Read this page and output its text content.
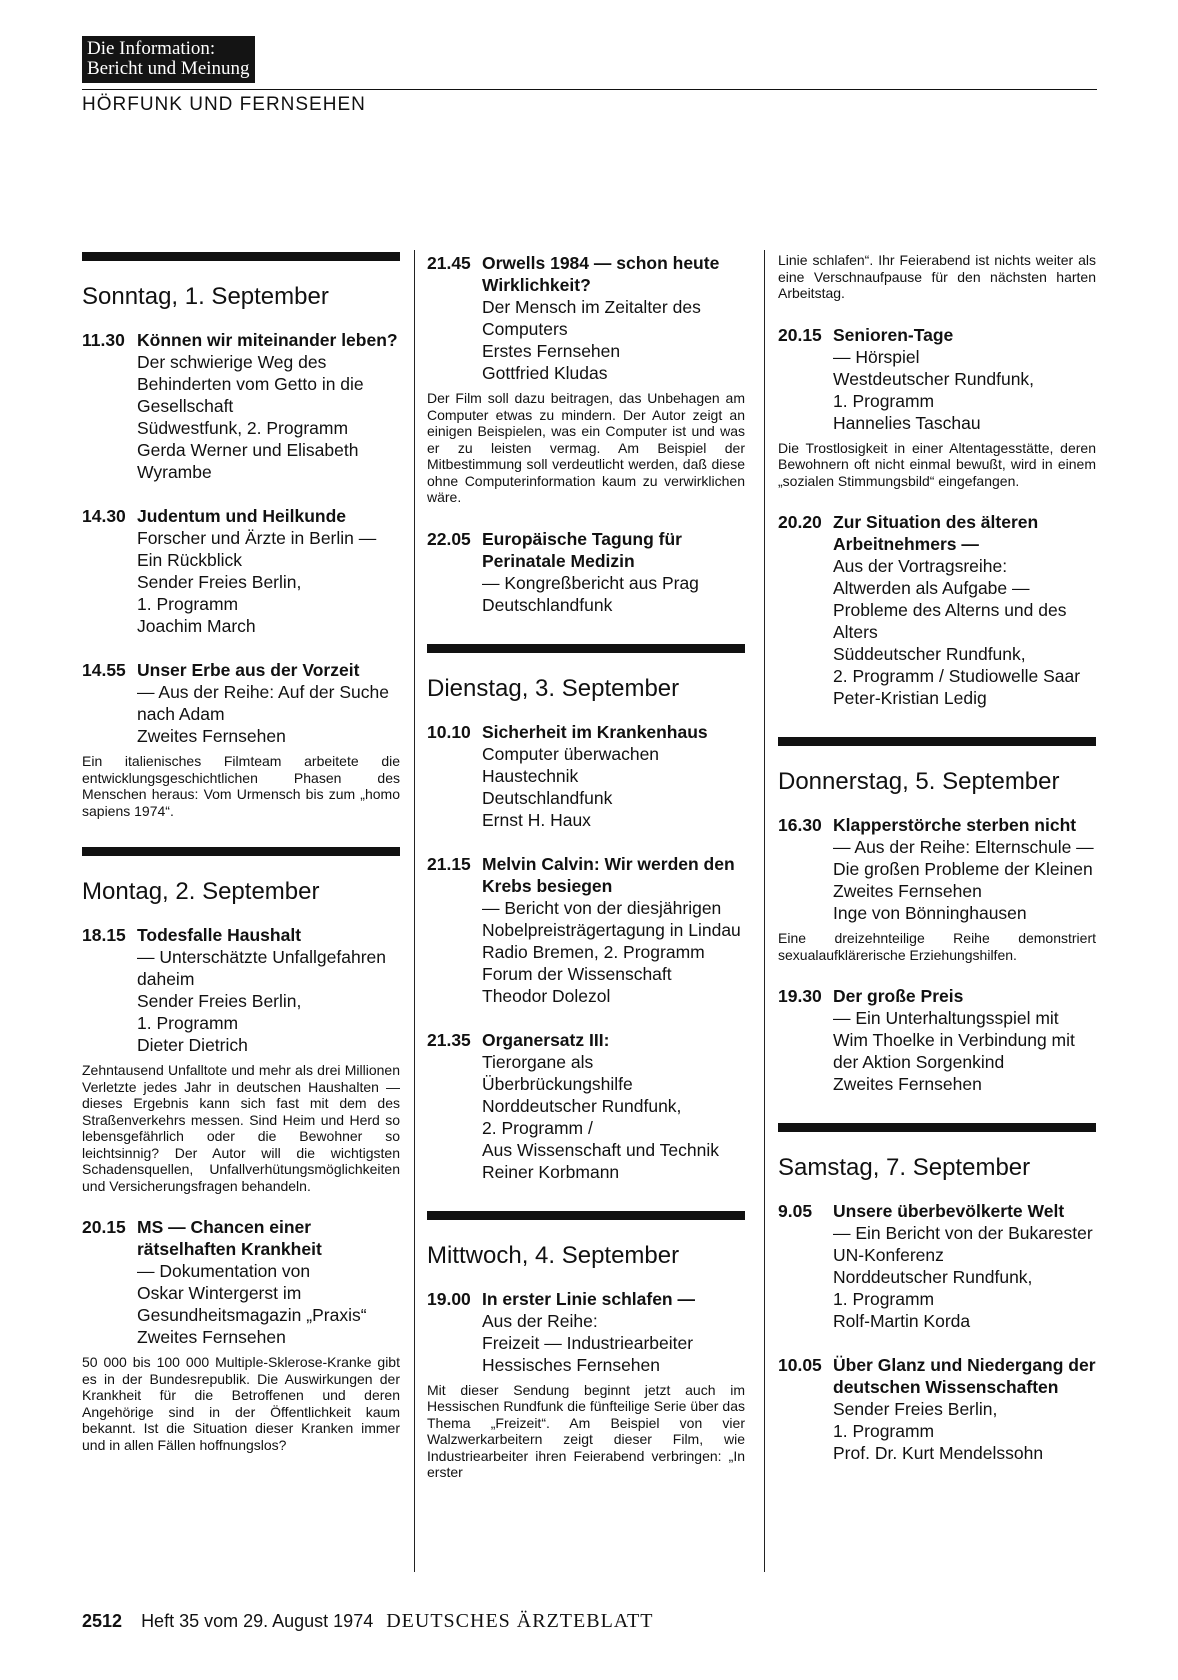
Die Information:
Bericht und Meinung
HÖRFUNK UND FERNSEHEN
Sonntag, 1. September
11.30 Können wir miteinander leben?
Der schwierige Weg des Behinderten vom Getto in die Gesellschaft
Südwestfunk, 2. Programm
Gerda Werner und Elisabeth Wyrambe
14.30 Judentum und Heilkunde
Forscher und Ärzte in Berlin — Ein Rückblick
Sender Freies Berlin,
1. Programm
Joachim March
14.55 Unser Erbe aus der Vorzeit
— Aus der Reihe: Auf der Suche nach Adam
Zweites Fernsehen
Ein italienisches Filmteam arbeitete die entwicklungsgeschichtlichen Phasen des Menschen heraus: Vom Urmensch bis zum „homo sapiens 1974“.
Montag, 2. September
18.15 Todesfalle Haushalt
— Unterschätzte Unfallgefahren daheim
Sender Freies Berlin,
1. Programm
Dieter Dietrich
Zehntausend Unfalltote und mehr als drei Millionen Verletzte jedes Jahr in deutschen Haushalten — dieses Ergebnis kann sich fast mit dem des Straßenverkehrs messen. Sind Heim und Herd so lebensgefährlich oder die Bewohner so leichtsinnig? Der Autor will die wichtigsten Schadensquellen, Unfallverhütungsmöglichkeiten und Versicherungsfragen behandeln.
20.15 MS — Chancen einer rätselhaften Krankheit
— Dokumentation von
Oskar Wintergerst im Gesundheitsmagazin „Praxis“
Zweites Fernsehen
50 000 bis 100 000 Multiple-Sklerose-Kranke gibt es in der Bundesrepublik. Die Auswirkungen der Krankheit für die Betroffenen und deren Angehörige sind in der Öffentlichkeit kaum bekannt. Ist die Situation dieser Kranken immer und in allen Fällen hoffnungslos?
21.45 Orwells 1984 — schon heute Wirklichkeit?
Der Mensch im Zeitalter des Computers
Erstes Fernsehen
Gottfried Kludas
Der Film soll dazu beitragen, das Unbehagen am Computer etwas zu mindern. Der Autor zeigt an einigen Beispielen, was ein Computer ist und was er zu leisten vermag. Am Beispiel der Mitbestimmung soll verdeutlicht werden, daß diese ohne Computerinformation kaum zu verwirklichen wäre.
22.05 Europäische Tagung für Perinatale Medizin
— Kongreßbericht aus Prag
Deutschlandfunk
Dienstag, 3. September
10.10 Sicherheit im Krankenhaus
Computer überwachen Haustechnik
Deutschlandfunk
Ernst H. Haux
21.15 Melvin Calvin: Wir werden den Krebs besiegen
— Bericht von der diesjährigen Nobelpreisträgertagung in Lindau
Radio Bremen, 2. Programm
Forum der Wissenschaft
Theodor Dolezol
21.35 Organersatz III:
Tierorgane als Überbrückungshilfe
Norddeutscher Rundfunk,
2. Programm /
Aus Wissenschaft und Technik
Reiner Korbmann
Mittwoch, 4. September
19.00 In erster Linie schlafen —
Aus der Reihe:
Freizeit — Industriearbeiter
Hessisches Fernsehen
Mit dieser Sendung beginnt jetzt auch im Hessischen Rundfunk die fünfteilige Serie über das Thema „Freizeit“. Am Beispiel von vier Walzwerkarbeitern zeigt dieser Film, wie Industriearbeiter ihren Feierabend verbringen: „In erster
Linie schlafen“. Ihr Feierabend ist nichts weiter als eine Verschnaufpause für den nächsten harten Arbeitstag.
20.15 Senioren-Tage
— Hörspiel
Westdeutscher Rundfunk,
1. Programm
Hannelies Taschau
Die Trostlosigkeit in einer Altentagesstätte, deren Bewohnern oft nicht einmal bewußt, wird in einem „sozialen Stimmungsbild“ eingefangen.
20.20 Zur Situation des älteren Arbeitnehmers —
Aus der Vortragsreihe:
Altwerden als Aufgabe — Probleme des Alterns und des Alters
Süddeutscher Rundfunk,
2. Programm / Studiowelle Saar
Peter-Kristian Ledig
Donnerstag, 5. September
16.30 Klapperstörche sterben nicht
— Aus der Reihe: Elternschule — Die großen Probleme der Kleinen
Zweites Fernsehen
Inge von Bönninghausen
Eine dreizehnteilige Reihe demonstriert sexualaufklärerische Erziehungshilfen.
19.30 Der große Preis
— Ein Unterhaltungsspiel mit Wim Thoelke in Verbindung mit der Aktion Sorgenkind
Zweites Fernsehen
Samstag, 7. September
9.05	Unsere überbevölkerte Welt
— Ein Bericht von der Bukarester UN-Konferenz
Norddeutscher Rundfunk,
1. Programm
Rolf-Martin Korda
10.05 Über Glanz und Niedergang der deutschen Wissenschaften
Sender Freies Berlin,
1. Programm
Prof. Dr. Kurt Mendelssohn
2512 Heft 35 vom 29. August 1974 DEUTSCHES ÄRZTEBLATT
